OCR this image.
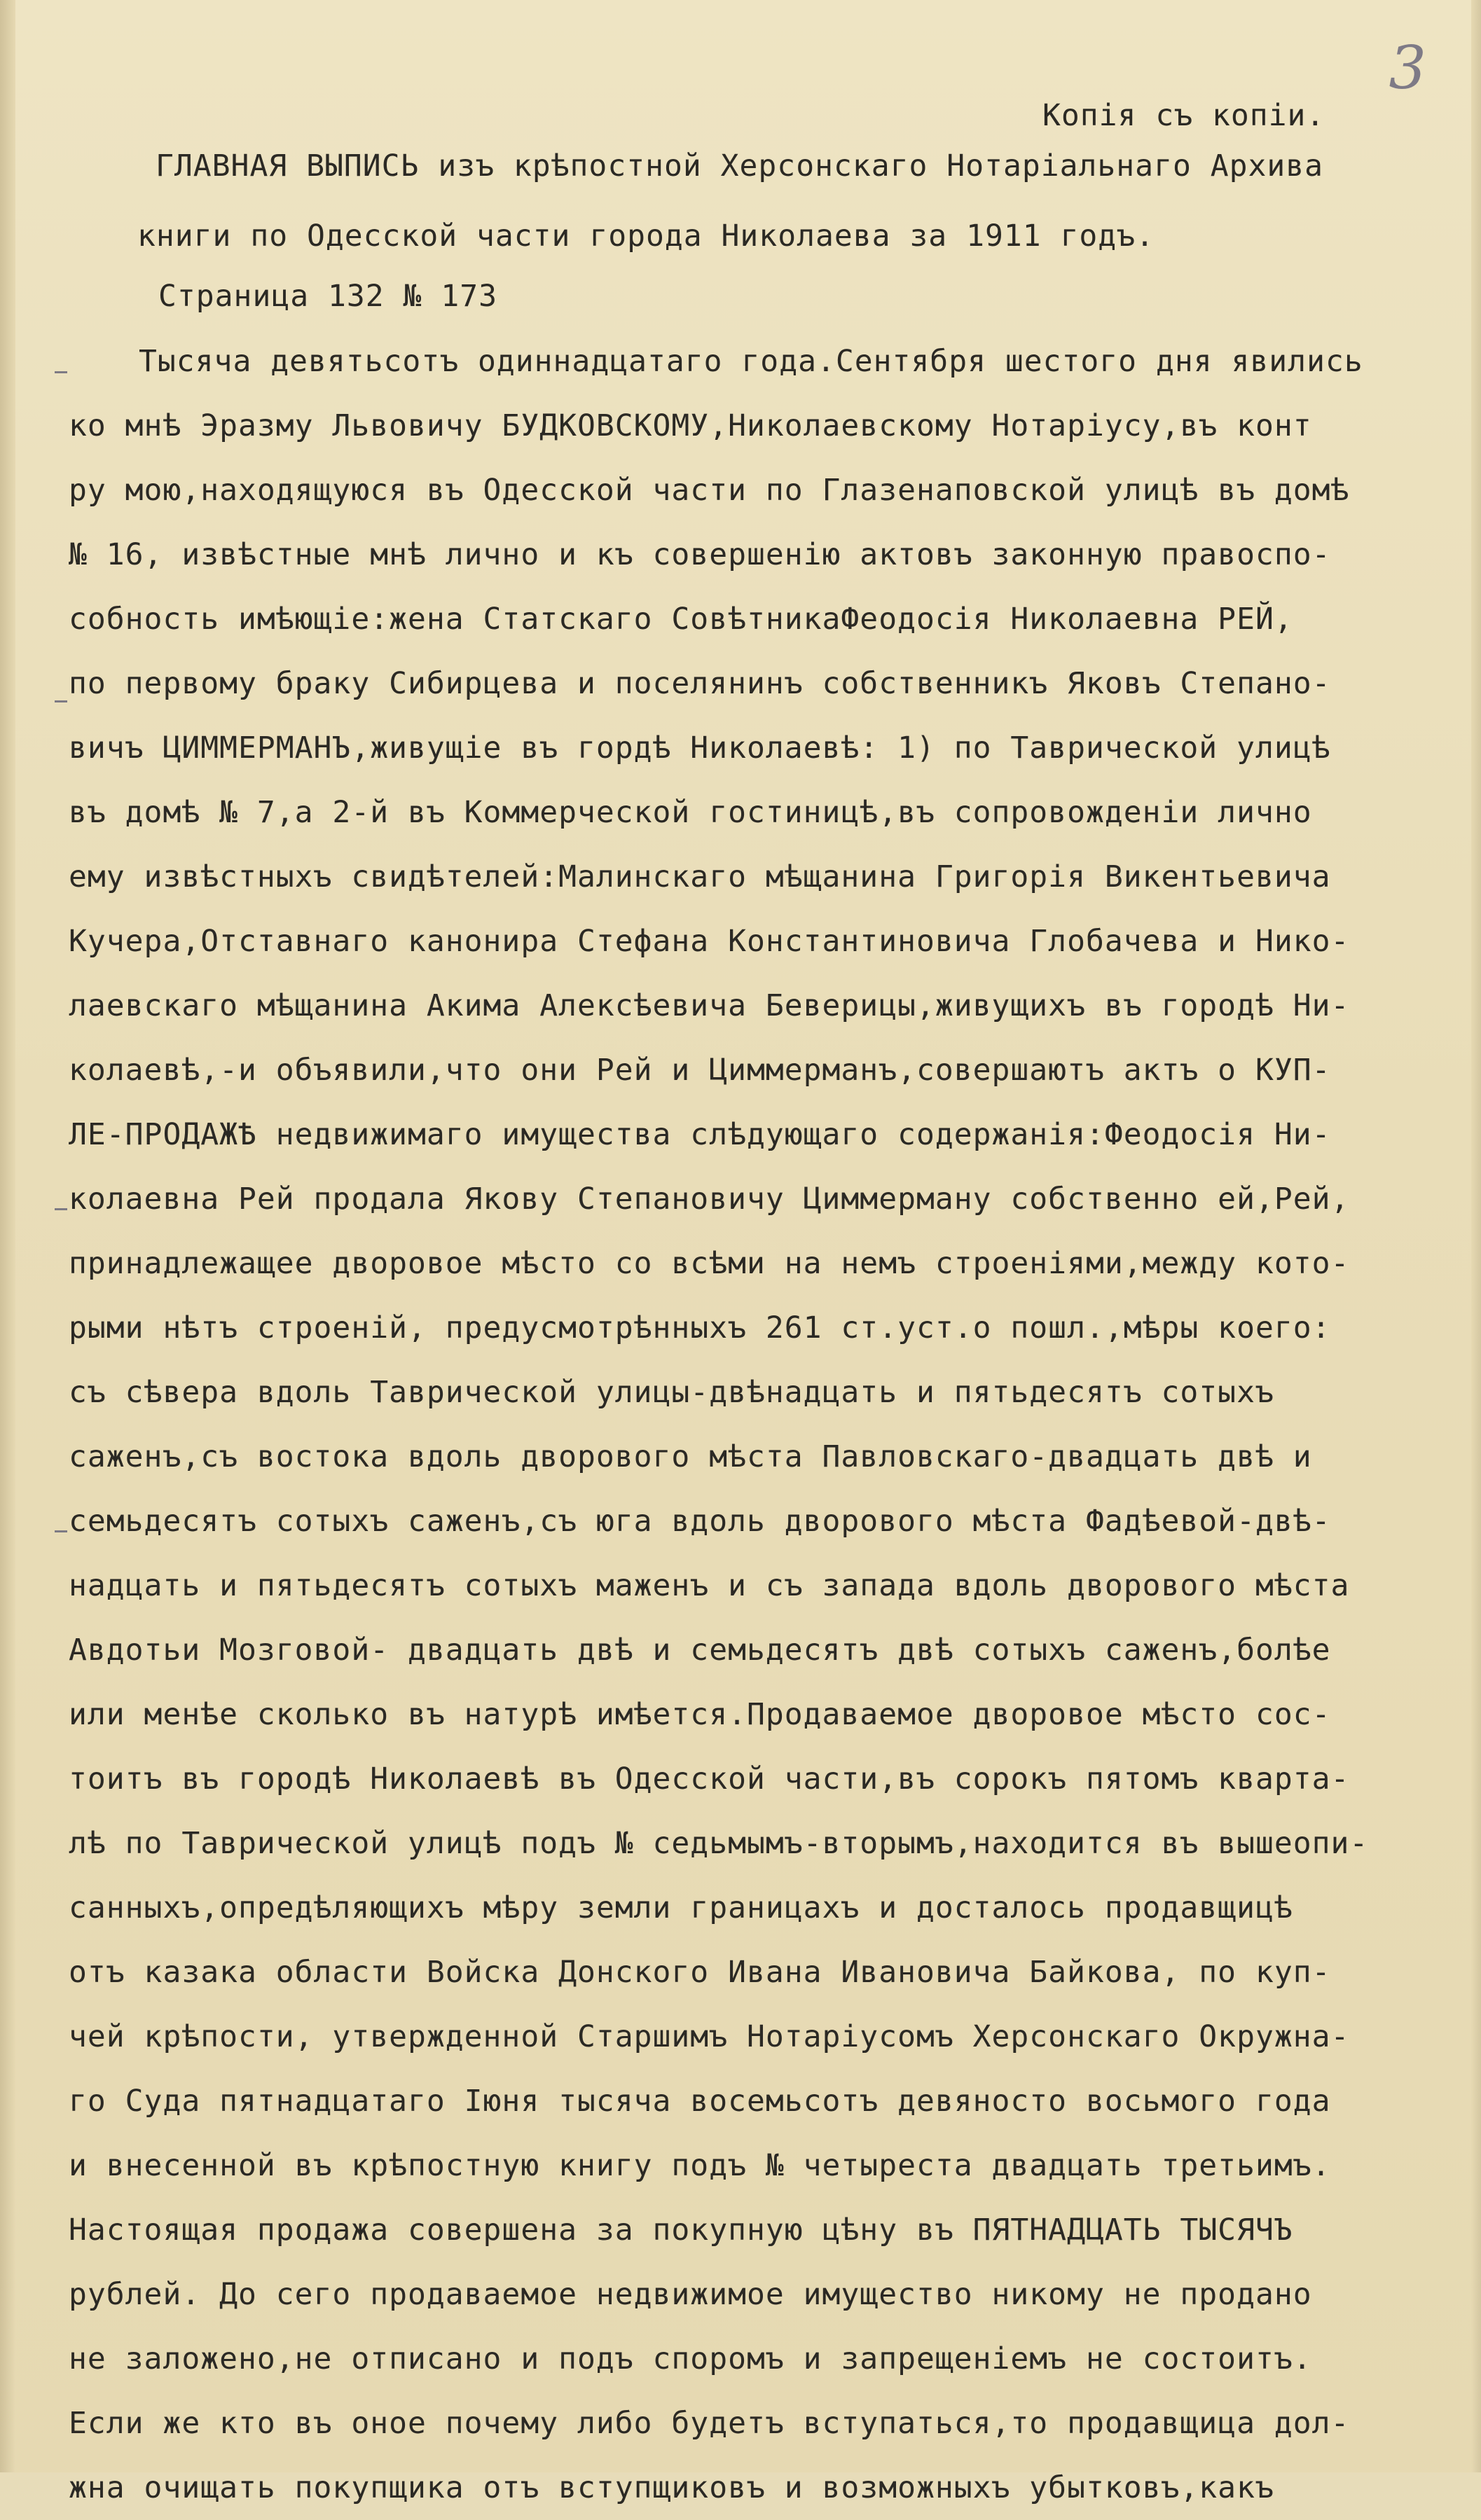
3
Копія съ копіи.
ГЛАВНАЯ ВЫПИСЬ изъ крѣпостной Херсонскаго Нотаріальнаго Архива
книги по Одесской части города Николаева за 1911 годъ.
Страница 132 № 173
Тысяча девятьсотъ одиннадцатаго года.Сентября шестого дня явились
ко мнѣ Эразму Львовичу БУДКОВСКОМУ,Николаевскому Нотаріусу,въ конт
ру мою,находящуюся въ Одесской части по Глазенаповской улицѣ въ домѣ
№ 16, извѣстные мнѣ лично и къ совершенію актовъ законную правоспо-
собность имѣющіе:жена Статскаго СовѣтникаФеодосія Николаевна РЕЙ,
по первому браку Сибирцева и поселянинъ собственникъ Яковъ Степано-
вичъ ЦИММЕРМАНЪ,живущіе въ гордѣ Николаевѣ: 1) по Таврической улицѣ
въ домѣ № 7,а 2-й въ Коммерческой гостиницѣ,въ сопровожденіи лично
ему извѣстныхъ свидѣтелей:Малинскаго мѣщанина Григорія Викентьевича
Кучера,Отставнаго канонира Стефана Константиновича Глобачева и Нико-
лаевскаго мѣщанина Акима Алексѣевича Беверицы,живущихъ въ городѣ Ни-
колаевѣ,-и объявили,что они Рей и Циммерманъ,совершаютъ актъ о КУП-
ЛЕ-ПРОДАЖѢ недвижимаго имущества слѣдующаго содержанія:Феодосія Ни-
колаевна Рей продала Якову Степановичу Циммерману собственно ей,Рей,
принадлежащее дворовое мѣсто со всѣми на немъ строеніями,между кото-
рыми нѣтъ строеній, предусмотрѣнныхъ 261 ст.уст.о пошл.,мѣры коего:
съ сѣвера вдоль Таврической улицы-двѣнадцать и пятьдесятъ сотыхъ
саженъ,съ востока вдоль дворового мѣста Павловскаго-двадцать двѣ и
семьдесятъ сотыхъ саженъ,съ юга вдоль дворового мѣста Фадѣевой-двѣ-
надцать и пятьдесятъ сотыхъ маженъ и съ запада вдоль дворового мѣста
Авдотьи Мозговой- двадцать двѣ и семьдесятъ двѣ сотыхъ саженъ,болѣе
или менѣе сколько въ натурѣ имѣется.Продаваемое дворовое мѣсто сос-
тоитъ въ городѣ Николаевѣ въ Одесской части,въ сорокъ пятомъ кварта-
лѣ по Таврической улицѣ подъ № седьмымъ-вторымъ,находится въ вышеопи-
санныхъ,опредѣляющихъ мѣру земли границахъ и досталось продавщицѣ
отъ казака области Войска Донского Ивана Ивановича Байкова, по куп-
чей крѣпости, утвержденной Старшимъ Нотаріусомъ Херсонскаго Окружна-
го Суда пятнадцатаго Іюня тысяча восемьсотъ девяносто восьмого года
и внесенной въ крѣпостную книгу подъ № четыреста двадцать третьимъ.
Настоящая продажа совершена за покупную цѣну въ ПЯТНАДЦАТЬ ТЫСЯЧЪ
рублей. До сего продаваемое недвижимое имущество никому не продано
не заложено,не отписано и подъ споромъ и запрещеніемъ не состоитъ.
Если же кто въ оное почему либо будетъ вступаться,то продавщица дол-
жна очищать покупщика отъ вступщиковъ и возможныхъ убытковъ,какъ
